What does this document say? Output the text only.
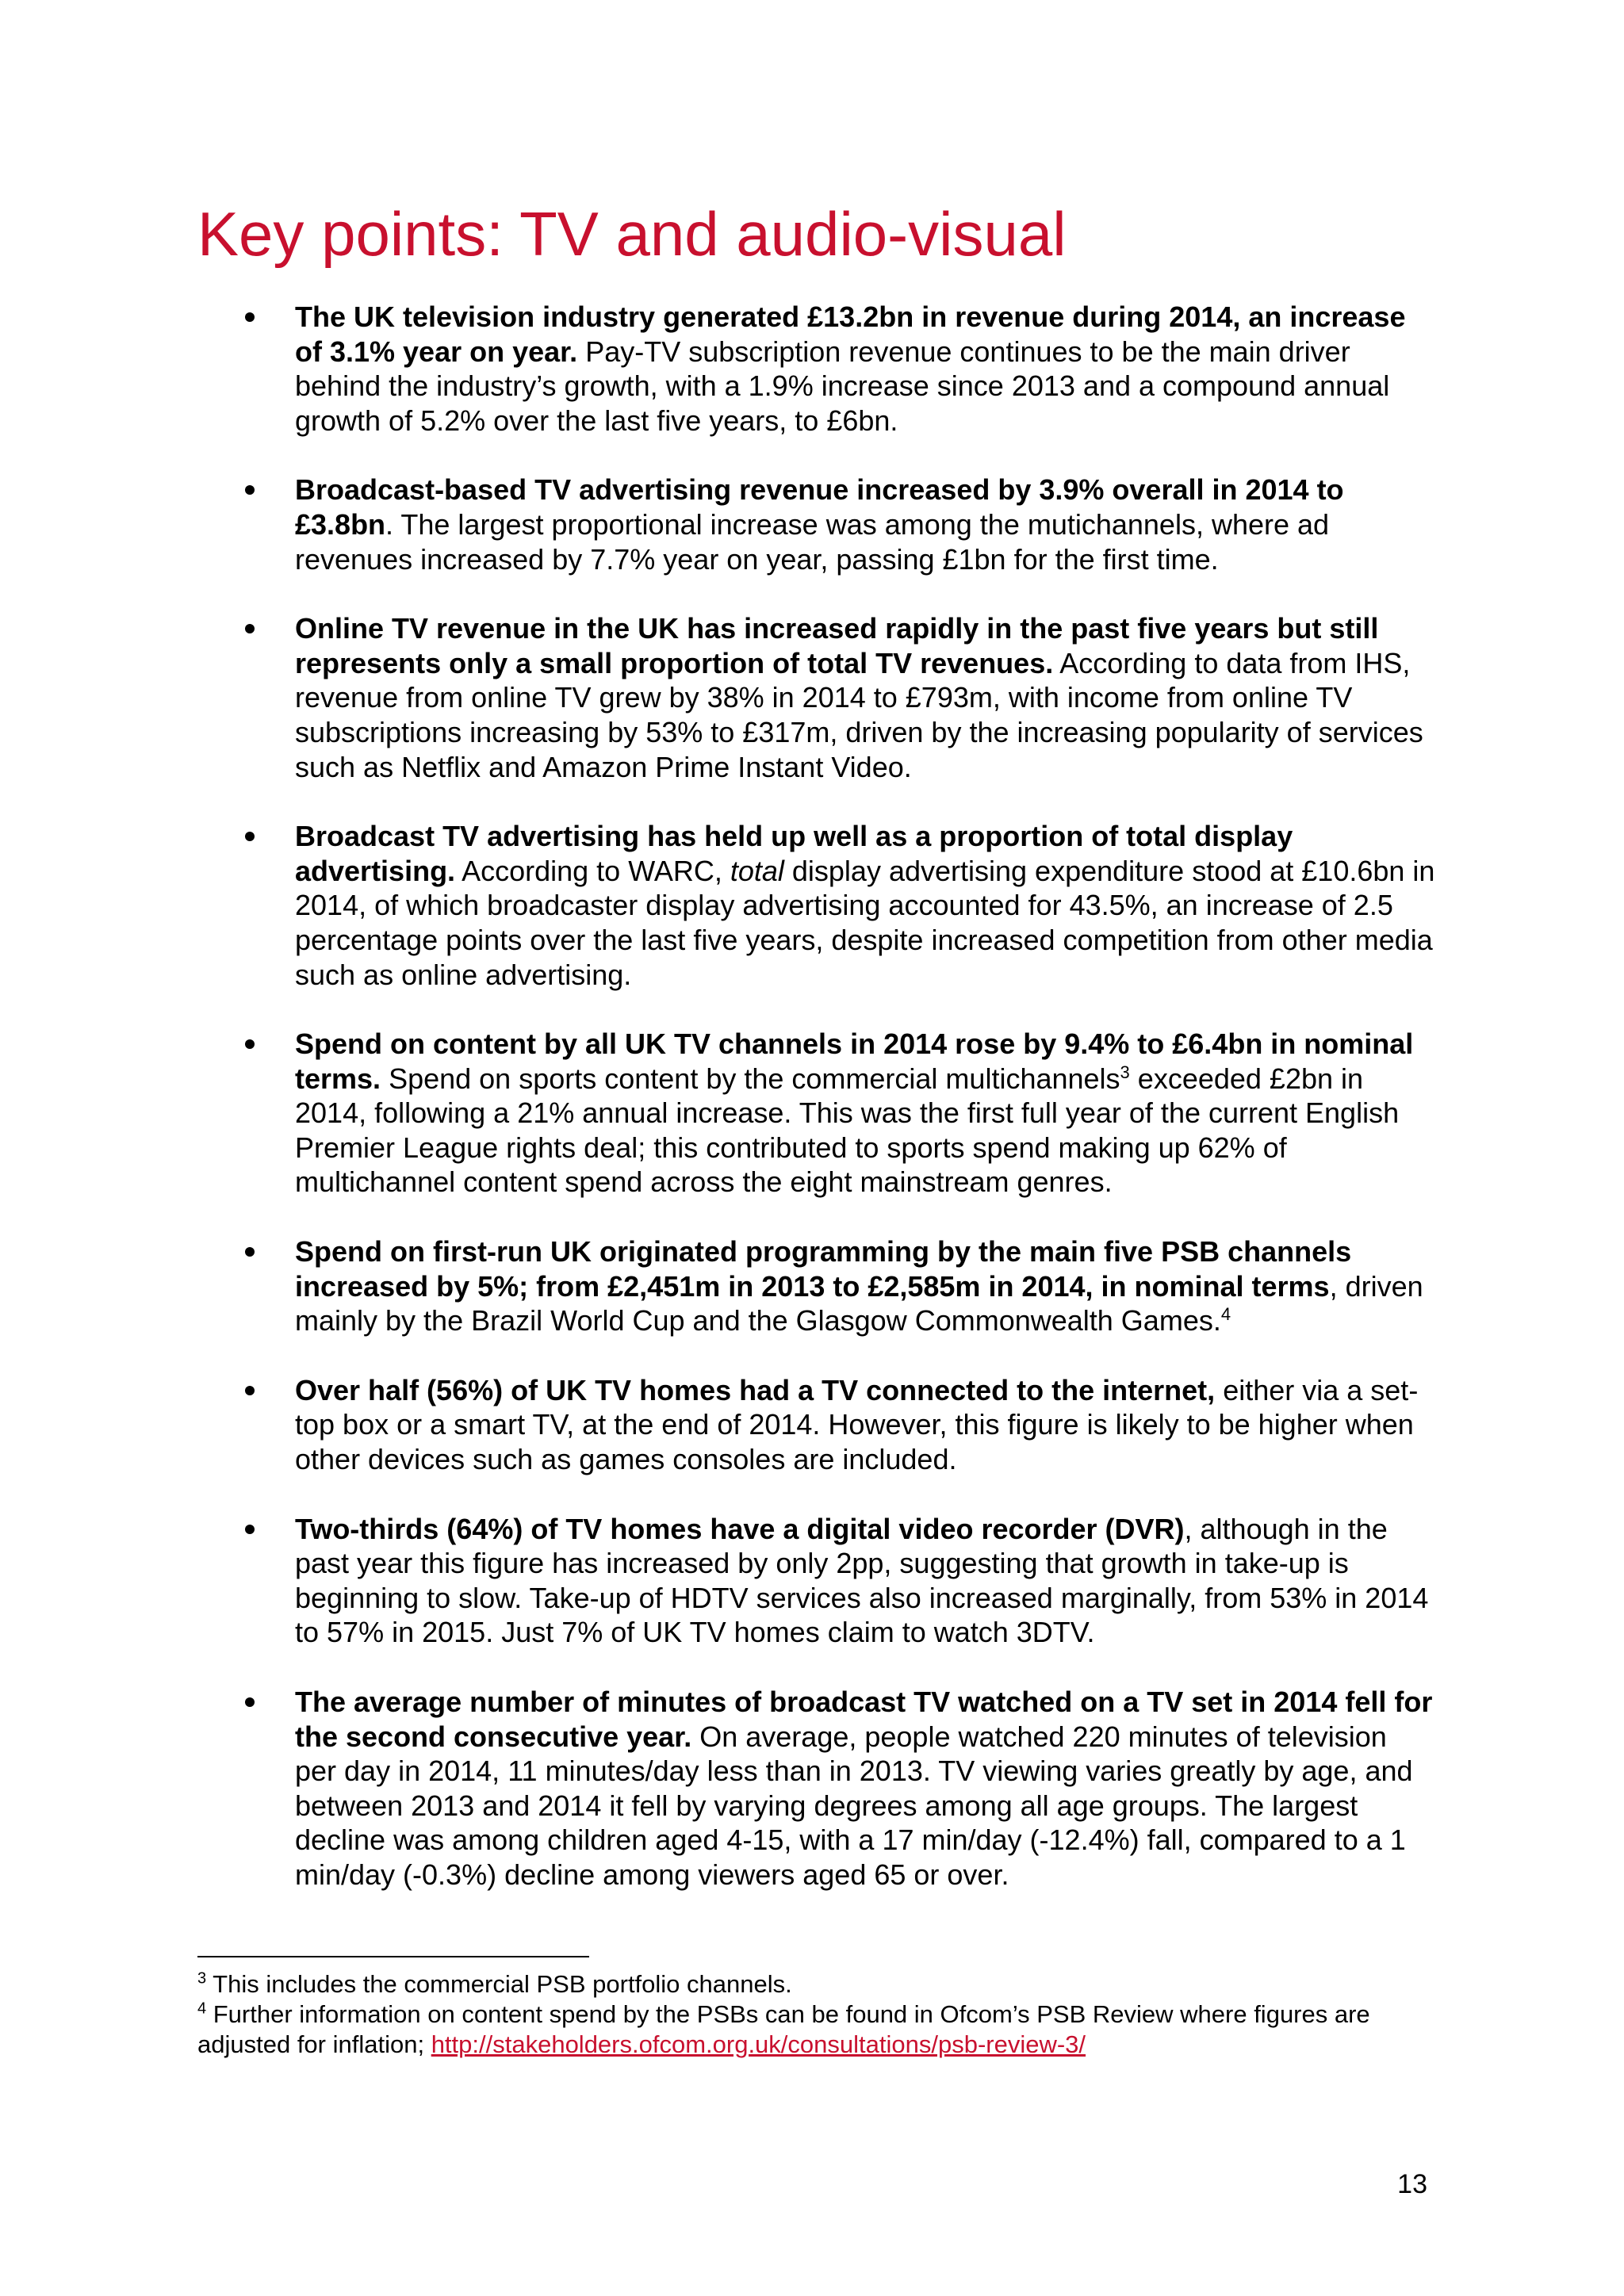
Key points: TV and audio-visual
The UK television industry generated £13.2bn in revenue during 2014, an increase of 3.1% year on year. Pay-TV subscription revenue continues to be the main driver behind the industry’s growth, with a 1.9% increase since 2013 and a compound annual growth of 5.2% over the last five years, to £6bn.
Broadcast-based TV advertising revenue increased by 3.9% overall in 2014 to £3.8bn. The largest proportional increase was among the mutichannels, where ad revenues increased by 7.7% year on year, passing £1bn for the first time.
Online TV revenue in the UK has increased rapidly in the past five years but still represents only a small proportion of total TV revenues. According to data from IHS, revenue from online TV grew by 38% in 2014 to £793m, with income from online TV subscriptions increasing by 53% to £317m, driven by the increasing popularity of services such as Netflix and Amazon Prime Instant Video.
Broadcast TV advertising has held up well as a proportion of total display advertising. According to WARC, total display advertising expenditure stood at £10.6bn in 2014, of which broadcaster display advertising accounted for 43.5%, an increase of 2.5 percentage points over the last five years, despite increased competition from other media such as online advertising.
Spend on content by all UK TV channels in 2014 rose by 9.4% to £6.4bn in nominal terms. Spend on sports content by the commercial multichannels$^3$ exceeded £2bn in 2014, following a 21% annual increase. This was the first full year of the current English Premier League rights deal; this contributed to sports spend making up 62% of multichannel content spend across the eight mainstream genres.
Spend on first-run UK originated programming by the main five PSB channels increased by 5%; from £2,451m in 2013 to £2,585m in 2014, in nominal terms, driven mainly by the Brazil World Cup and the Glasgow Commonwealth Games.$^4$
Over half (56%) of UK TV homes had a TV connected to the internet, either via a set-top box or a smart TV, at the end of 2014. However, this figure is likely to be higher when other devices such as games consoles are included.
Two-thirds (64%) of TV homes have a digital video recorder (DVR), although in the past year this figure has increased by only 2pp, suggesting that growth in take-up is beginning to slow. Take-up of HDTV services also increased marginally, from 53% in 2014 to 57% in 2015. Just 7% of UK TV homes claim to watch 3DTV.
The average number of minutes of broadcast TV watched on a TV set in 2014 fell for the second consecutive year. On average, people watched 220 minutes of television per day in 2014, 11 minutes/day less than in 2013. TV viewing varies greatly by age, and between 2013 and 2014 it fell by varying degrees among all age groups. The largest decline was among children aged 4-15, with a 17 min/day (-12.4%) fall, compared to a 1 min/day (-0.3%) decline among viewers aged 65 or over.

$^3$ This includes the commercial PSB portfolio channels.

$^4$ Further information on content spend by the PSBs can be found in Ofcom’s PSB Review where figures are adjusted for inflation; http://stakeholders.ofcom.org.uk/consultations/psb-review-3/

13
